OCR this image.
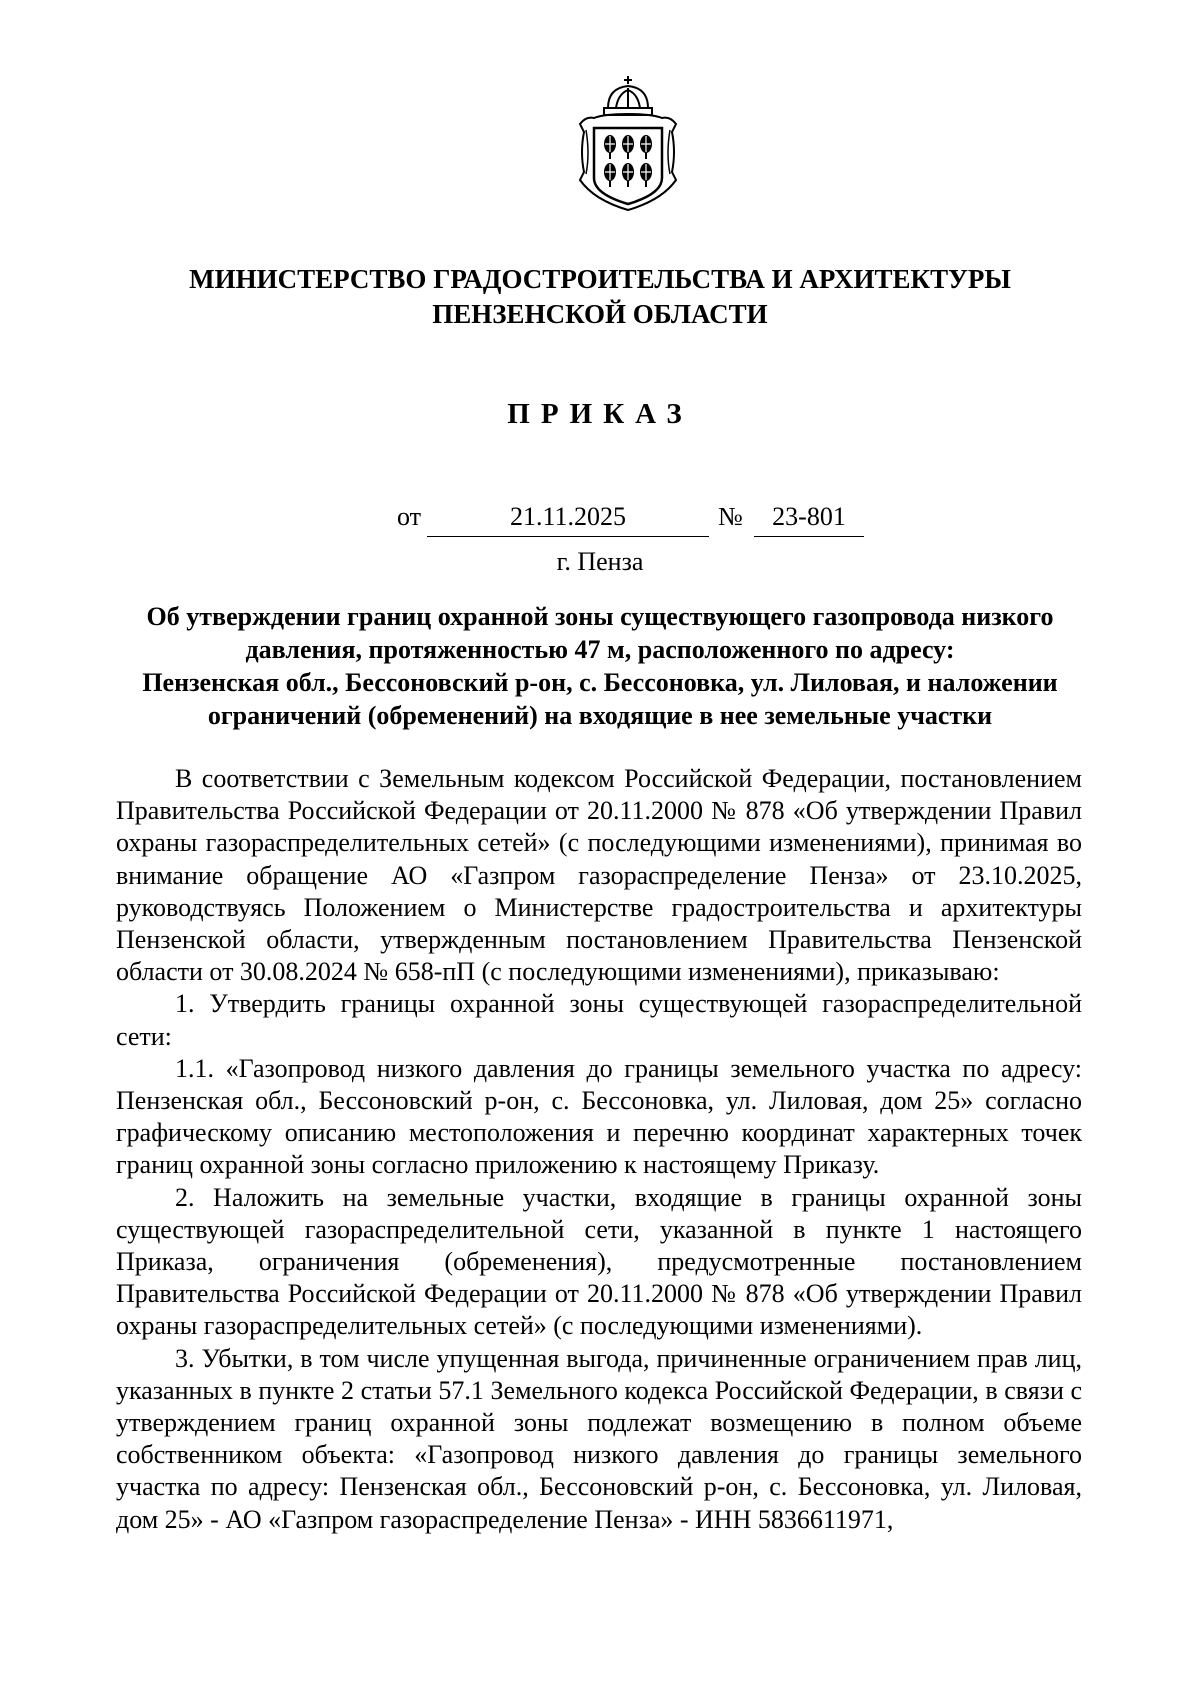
МИНИСТЕРСТВО ГРАДОСТРОИТЕЛЬСТВА И АРХИТЕКТУРЫ
ПЕНЗЕНСКОЙ ОБЛАСТИ
ПРИКАЗ
от	21.11.2025	№	23-801
г. Пенза
Об утверждении границ охранной зоны существующего газопровода низкого
давления, протяженностью 47 м, расположенного по адресу:
Пензенская обл., Бессоновский р-он, с. Бессоновка, ул. Лиловая, и наложении
ограничений (обременений) на входящие в нее земельные участки

В соответствии с Земельным кодексом Российской Федерации, постановлением Правительства Российской Федерации от 20.11.2000 № 878 «Об утверждении Правил охраны газораспределительных сетей» (с последующими изменениями), принимая во внимание обращение АО «Газпром газораспределение Пенза» от 23.10.2025, руководствуясь Положением о Министерстве градостроительства и архитектуры Пензенской области, утвержденным постановлением Правительства Пензенской области от 30.08.2024 № 658-пП (с последующими изменениями), приказываю:

1. Утвердить границы охранной зоны существующей газораспределительной сети:

1.1. «Газопровод низкого давления до границы земельного участка по адресу: Пензенская обл., Бессоновский р-он, с. Бессоновка, ул. Лиловая, дом 25» согласно графическому описанию местоположения и перечню координат характерных точек границ охранной зоны согласно приложению к настоящему Приказу.

2. Наложить на земельные участки, входящие в границы охранной зоны существующей газораспределительной сети, указанной в пункте 1 настоящего Приказа, ограничения (обременения), предусмотренные постановлением Правительства Российской Федерации от 20.11.2000 № 878 «Об утверждении Правил охраны газораспределительных сетей» (с последующими изменениями).

3. Убытки, в том числе упущенная выгода, причиненные ограничением прав лиц, указанных в пункте 2 статьи 57.1 Земельного кодекса Российской Федерации, в связи с утверждением границ охранной зоны подлежат возмещению в полном объеме собственником объекта: «Газопровод низкого давления до границы земельного участка по адресу: Пензенская обл., Бессоновский р-он, с. Бессоновка, ул. Лиловая, дом 25» - АО «Газпром газораспределение Пенза» - ИНН 5836611971,
